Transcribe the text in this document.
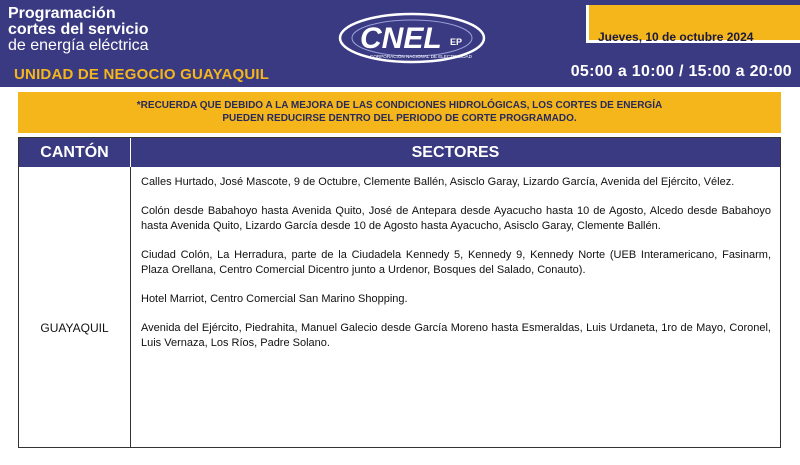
Programación
cortes del servicio
de energía eléctrica
UNIDAD DE NEGOCIO GUAYAQUIL
CNEL EP
CORPORACIÓN NACIONAL DE ELECTRICIDAD
Jueves, 10 de octubre 2024
05:00 a 10:00 / 15:00 a 20:00
*RECUERDA QUE DEBIDO A LA MEJORA DE LAS CONDICIONES HIDROLÓGICAS, LOS CORTES DE ENERGÍA
PUEDEN REDUCIRSE DENTRO DEL PERIODO DE CORTE PROGRAMADO.
CANTÓN	SECTORES
GUAYAQUIL

Calles Hurtado, José Mascote, 9 de Octubre, Clemente Ballén, Asisclo Garay, Lizardo García, Avenida del Ejército, Vélez.

Colón desde Babahoyo hasta Avenida Quito, José de Antepara desde Ayacucho hasta 10 de Agosto, Alcedo desde Babahoyo hasta Avenida Quito, Lizardo García desde 10 de Agosto hasta Ayacucho, Asisclo Garay, Clemente Ballén.

Ciudad Colón, La Herradura, parte de la Ciudadela Kennedy 5, Kennedy 9, Kennedy Norte (UEB Interamericano, Fasinarm, Plaza Orellana, Centro Comercial Dicentro junto a Urdenor, Bosques del Salado, Conauto).

Hotel Marriot, Centro Comercial San Marino Shopping.

Avenida del Ejército, Piedrahita, Manuel Galecio desde García Moreno hasta Esmeraldas, Luis Urdaneta, 1ro de Mayo, Coronel, Luis Vernaza, Los Ríos, Padre Solano.
